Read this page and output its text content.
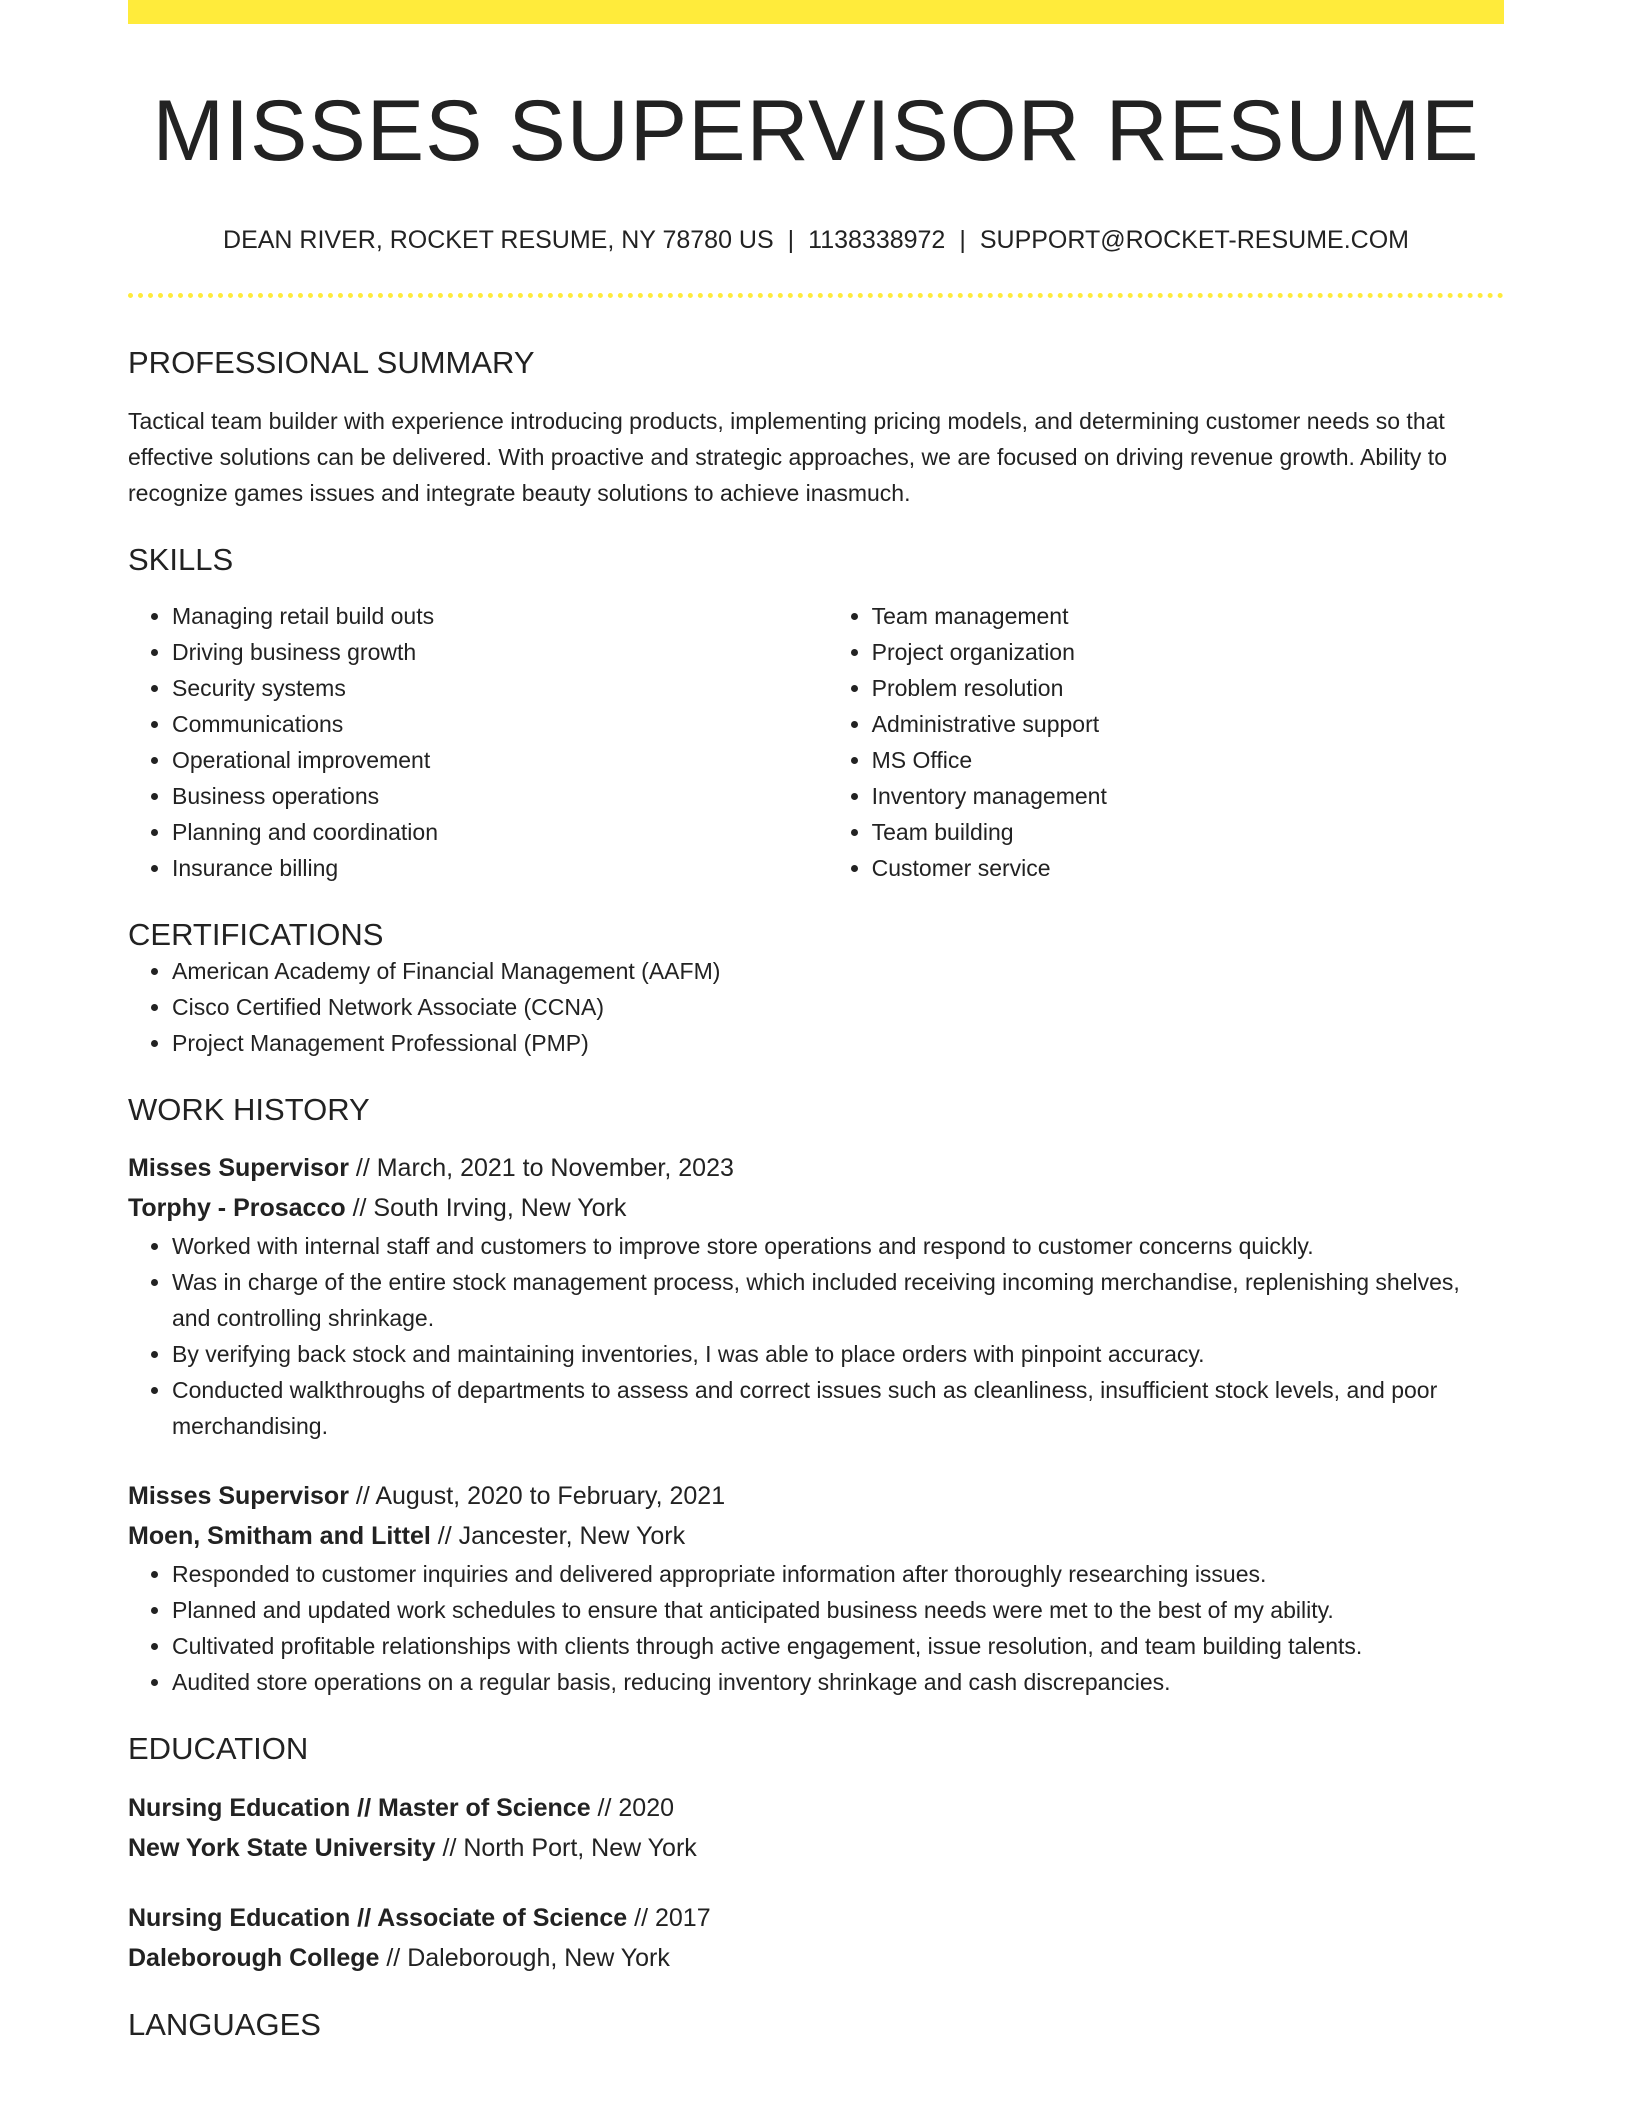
MISSES SUPERVISOR RESUME
DEAN RIVER, ROCKET RESUME, NY 78780 US | 1138338972 | SUPPORT@ROCKET-RESUME.COM
PROFESSIONAL SUMMARY

Tactical team builder with experience introducing products, implementing pricing models, and determining customer needs so that effective solutions can be delivered. With proactive and strategic approaches, we are focused on driving revenue growth. Ability to recognize games issues and integrate beauty solutions to achieve inasmuch.

SKILLS
• Managing retail build outs
• Driving business growth
• Security systems
• Communications
• Operational improvement
• Business operations
• Planning and coordination
• Insurance billing
• Team management
• Project organization
• Problem resolution
• Administrative support
• MS Office
• Inventory management
• Team building
• Customer service
CERTIFICATIONS
• American Academy of Financial Management (AAFM)
• Cisco Certified Network Associate (CCNA)
• Project Management Professional (PMP)
WORK HISTORY
Misses Supervisor // March, 2021 to November, 2023
Torphy - Prosacco // South Irving, New York
• Worked with internal staff and customers to improve store operations and respond to customer concerns quickly.
• Was in charge of the entire stock management process, which included receiving incoming merchandise, replenishing shelves, and controlling shrinkage.
• By verifying back stock and maintaining inventories, I was able to place orders with pinpoint accuracy.
• Conducted walkthroughs of departments to assess and correct issues such as cleanliness, insufficient stock levels, and poor merchandising.
Misses Supervisor // August, 2020 to February, 2021
Moen, Smitham and Littel // Jancester, New York
• Responded to customer inquiries and delivered appropriate information after thoroughly researching issues.
• Planned and updated work schedules to ensure that anticipated business needs were met to the best of my ability.
• Cultivated profitable relationships with clients through active engagement, issue resolution, and team building talents.
• Audited store operations on a regular basis, reducing inventory shrinkage and cash discrepancies.
EDUCATION
Nursing Education // Master of Science // 2020
New York State University // North Port, New York
Nursing Education // Associate of Science // 2017
Daleborough College // Daleborough, New York
LANGUAGES
